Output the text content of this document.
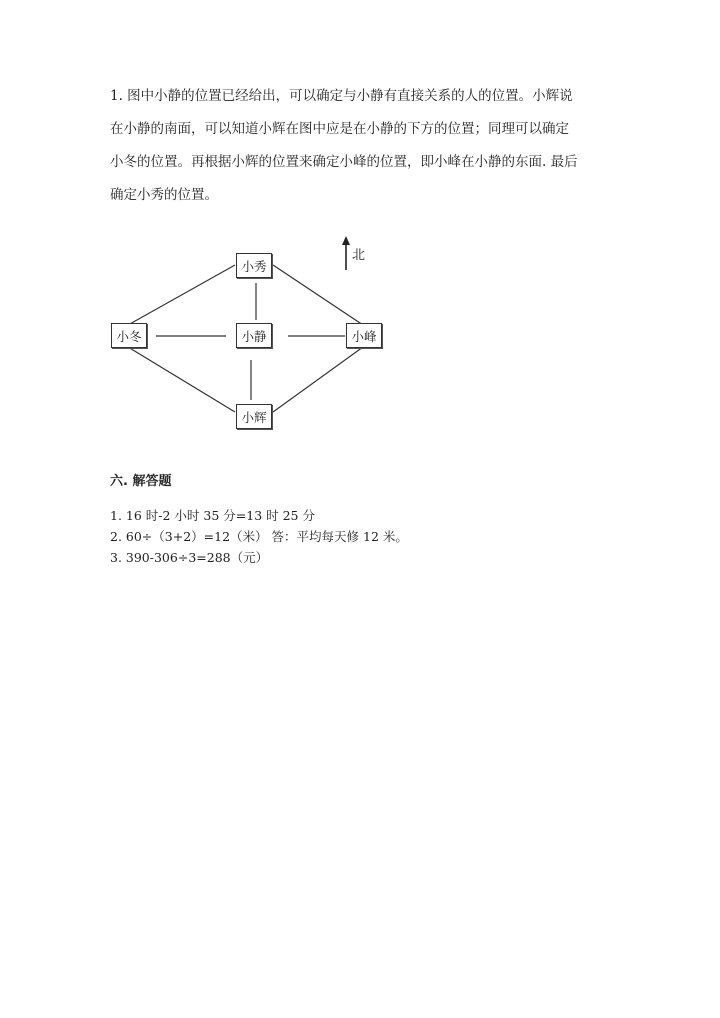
1. 图中小静的位置已经给出，可以确定与小静有直接关系的人的位置。小辉说
在小静的南面，可以知道小辉在图中应是在小静的下方的位置；同理可以确定
小冬的位置。再根据小辉的位置来确定小峰的位置，即小峰在小静的东面. 最后
确定小秀的位置。
北
小秀
小冬	小静	小峰
小辉
六. 解答题
1. 16 时-2 小时 35 分=13 时 25 分
2. 60÷（3+2）=12（米） 答：平均每天修 12 米。
3. 390-306÷3=288（元）
